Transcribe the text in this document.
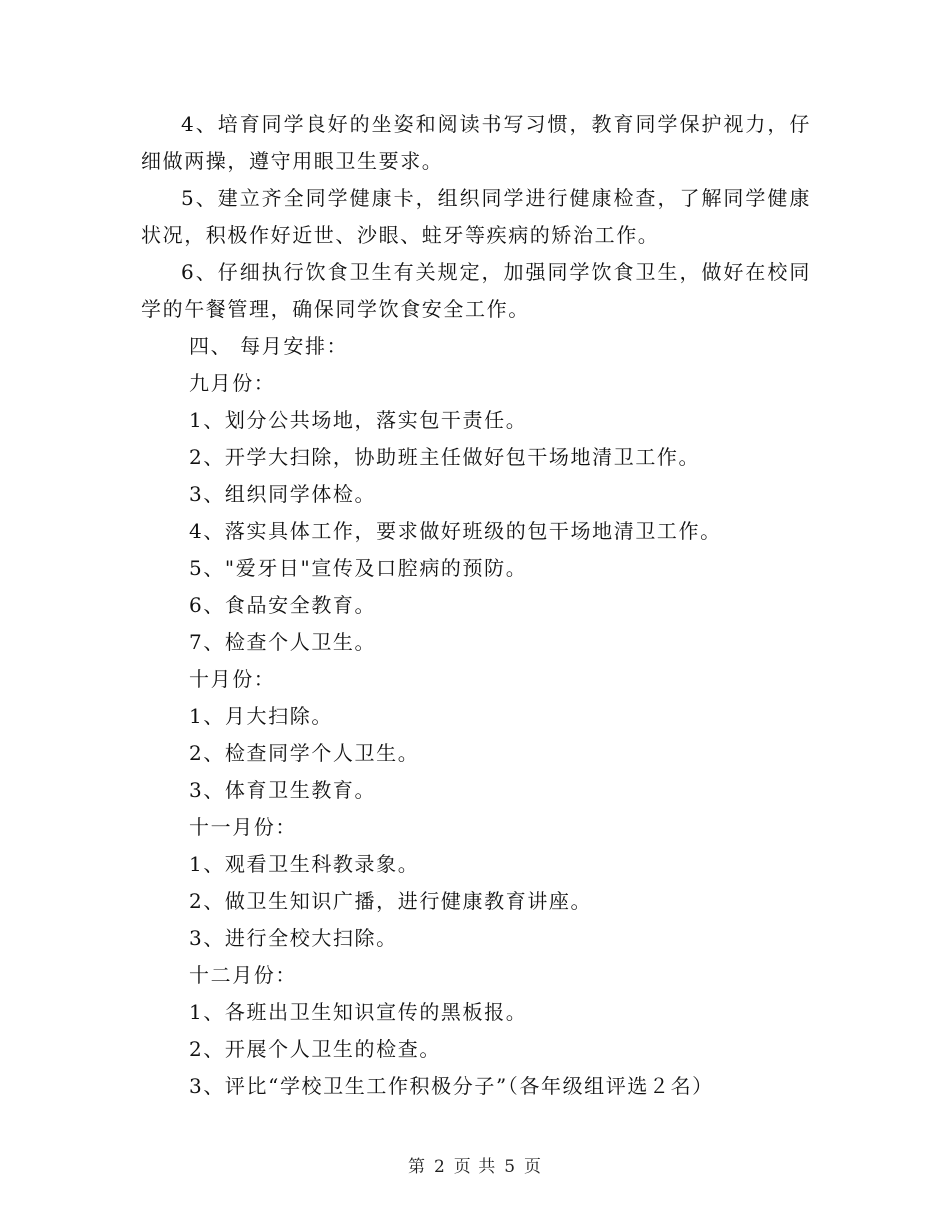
4、培育同学良好的坐姿和阅读书写习惯，教育同学保护视力，仔细做两操，遵守用眼卫生要求。

5、建立齐全同学健康卡，组织同学进行健康检查，了解同学健康状况，积极作好近世、沙眼、蛀牙等疾病的矫治工作。

6、仔细执行饮食卫生有关规定，加强同学饮食卫生，做好在校同学的午餐管理，确保同学饮食安全工作。

四、 每月安排：

九月份：

1、划分公共场地，落实包干责任。

2、开学大扫除，协助班主任做好包干场地清卫工作。

3、组织同学体检。

4、落实具体工作，要求做好班级的包干场地清卫工作。

5、"爱牙日"宣传及口腔病的预防。

6、食品安全教育。

7、检查个人卫生。

十月份：

1、月大扫除。

2、检查同学个人卫生。

3、体育卫生教育。

十一月份：

1、观看卫生科教录象。

2、做卫生知识广播，进行健康教育讲座。

3、进行全校大扫除。

十二月份：

1、各班出卫生知识宣传的黑板报。

2、开展个人卫生的检查。

3、评比“学校卫生工作积极分子”（各年级组评选２名）

第 2 页 共 5 页
